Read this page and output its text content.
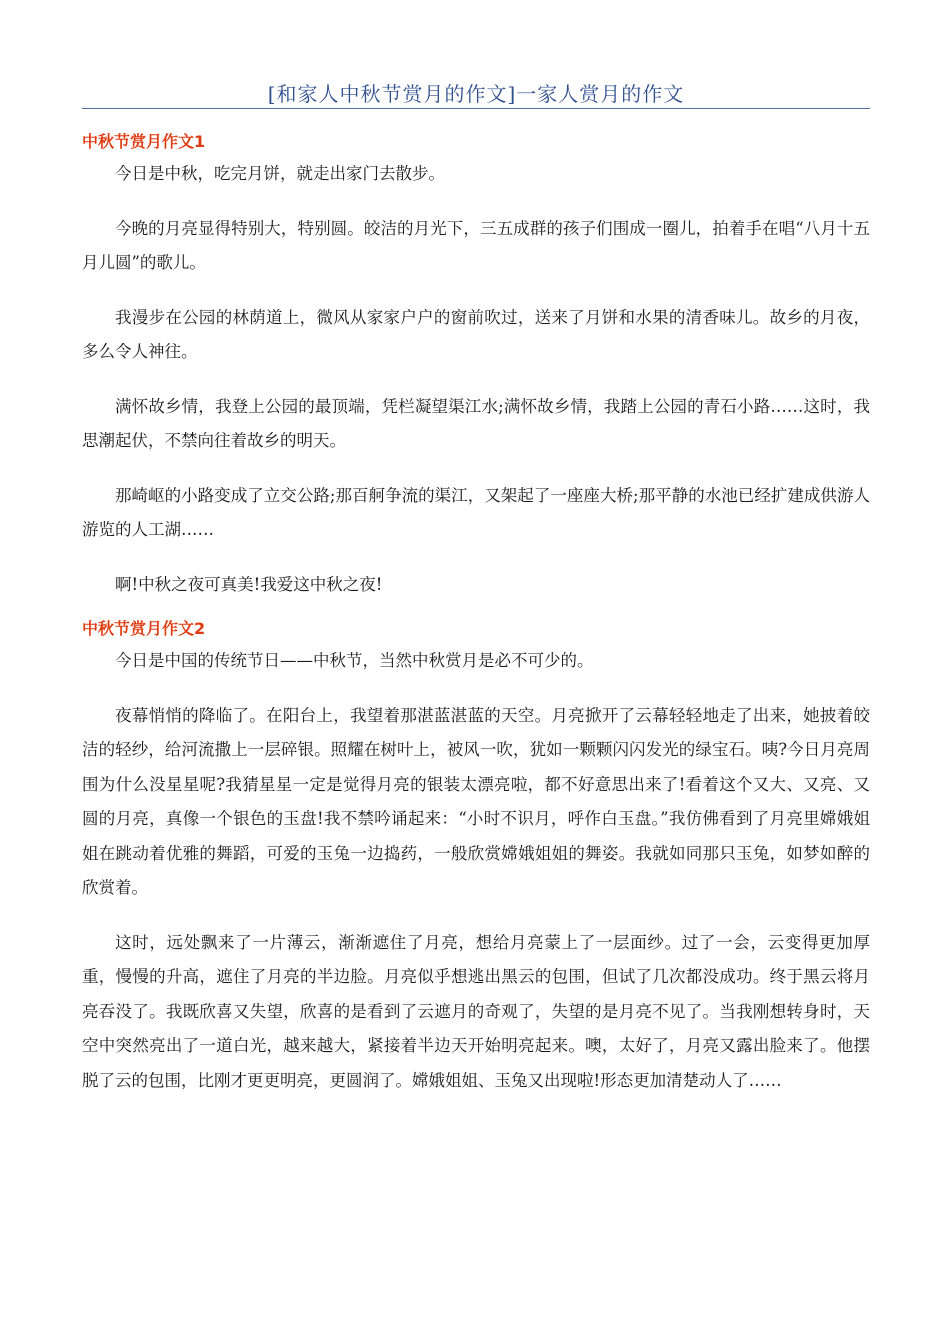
[和家人中秋节赏月的作文]一家人赏月的作文
中秋节赏月作文1

今日是中秋，吃完月饼，就走出家门去散步。

今晚的月亮显得特别大，特别圆。皎洁的月光下，三五成群的孩子们围成一圈儿，拍着手在唱“八月十五月儿圆”的歌儿。

我漫步在公园的林荫道上，微风从家家户户的窗前吹过，送来了月饼和水果的清香味儿。故乡的月夜，多么令人神往。

满怀故乡情，我登上公园的最顶端，凭栏凝望渠江水;满怀故乡情，我踏上公园的青石小路……这时，我思潮起伏，不禁向往着故乡的明天。

那崎岖的小路变成了立交公路;那百舸争流的渠江，又架起了一座座大桥;那平静的水池已经扩建成供游人游览的人工湖……

啊!中秋之夜可真美!我爱这中秋之夜!

中秋节赏月作文2

今日是中国的传统节日——中秋节，当然中秋赏月是必不可少的。

夜幕悄悄的降临了。在阳台上，我望着那湛蓝湛蓝的天空。月亮掀开了云幕轻轻地走了出来，她披着皎洁的轻纱，给河流撒上一层碎银。照耀在树叶上，被风一吹，犹如一颗颗闪闪发光的绿宝石。咦?今日月亮周围为什么没星星呢?我猜星星一定是觉得月亮的银装太漂亮啦，都不好意思出来了!看着这个又大、又亮、又圆的月亮，真像一个银色的玉盘!我不禁吟诵起来：“小时不识月，呼作白玉盘。”我仿佛看到了月亮里嫦娥姐姐在跳动着优雅的舞蹈，可爱的玉兔一边捣药，一般欣赏嫦娥姐姐的舞姿。我就如同那只玉兔，如梦如醉的欣赏着。

这时，远处飘来了一片薄云，渐渐遮住了月亮，想给月亮蒙上了一层面纱。过了一会，云变得更加厚重，慢慢的升高，遮住了月亮的半边脸。月亮似乎想逃出黑云的包围，但试了几次都没成功。终于黑云将月亮吞没了。我既欣喜又失望，欣喜的是看到了云遮月的奇观了，失望的是月亮不见了。当我刚想转身时，天空中突然亮出了一道白光，越来越大，紧接着半边天开始明亮起来。噢，太好了，月亮又露出脸来了。他摆脱了云的包围，比刚才更更明亮，更圆润了。嫦娥姐姐、玉兔又出现啦!形态更加清楚动人了……
